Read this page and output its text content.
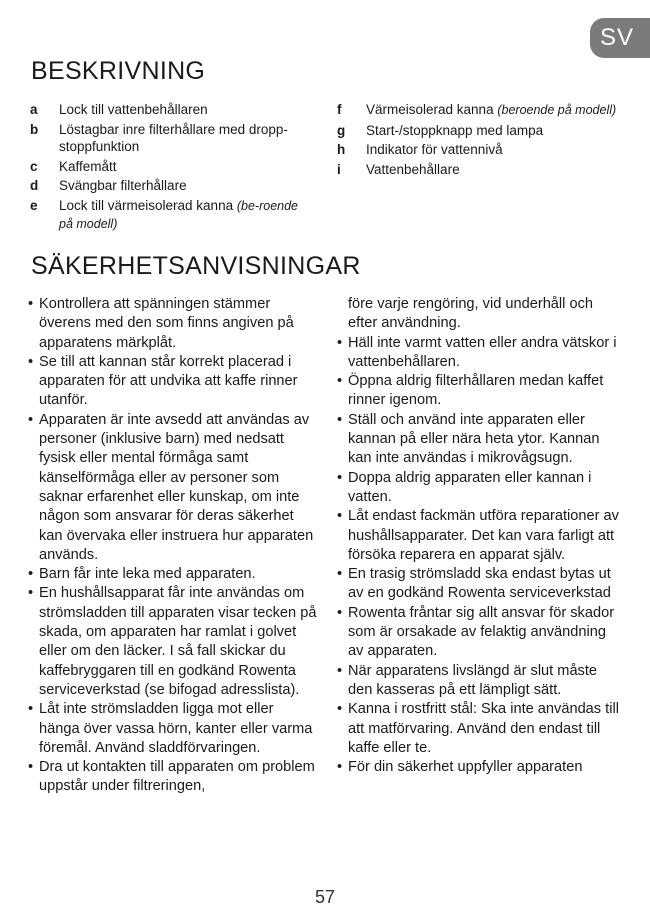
SV
BESKRIVNING
a	Lock till vattenbehållaren
b	Löstagbar inre filterhållare med dropp-stoppfunktion
c	Kaffemått
d	Svängbar filterhållare
e	Lock till värmeisolerad kanna (be-roende på modell)
f	Värmeisolerad kanna (beroende på modell)
g	Start-/stoppknapp med lampa
h	Indikator för vattennivå
i	Vattenbehållare
SÄKERHETSANVISNINGAR
• Kontrollera att spänningen stämmer överens med den som finns angiven på apparatens märkplåt.
• Se till att kannan står korrekt placerad i apparaten för att undvika att kaffe rinner utanför.
• Apparaten är inte avsedd att användas av personer (inklusive barn) med nedsatt fysisk eller mental förmåga samt känselförmåga eller av personer som saknar erfarenhet eller kunskap, om inte någon som ansvarar för deras säkerhet kan övervaka eller instruera hur apparaten används.
• Barn får inte leka med apparaten.
• En hushållsapparat får inte användas om strömsladden till apparaten visar tecken på skada, om apparaten har ramlat i golvet eller om den läcker. I så fall skickar du kaffebryggaren till en godkänd Rowenta serviceverkstad (se bifogad adresslista).
• Låt inte strömsladden ligga mot eller hänga över vassa hörn, kanter eller varma föremål. Använd sladdförvaringen.
• Dra ut kontakten till apparaten om problem uppstår under filtreringen,
före varje rengöring, vid underhåll och efter användning.
• Häll inte varmt vatten eller andra vätskor i vattenbehållaren.
• Öppna aldrig filterhållaren medan kaffet rinner igenom.
• Ställ och använd inte apparaten eller kannan på eller nära heta ytor. Kannan kan inte användas i mikrovågsugn.
• Doppa aldrig apparaten eller kannan i vatten.
• Låt endast fackmän utföra reparationer av hushållsapparater. Det kan vara farligt att försöka reparera en apparat själv.
• En trasig strömsladd ska endast bytas ut av en godkänd Rowenta serviceverkstad
• Rowenta fråntar sig allt ansvar för skador som är orsakade av felaktig användning av apparaten.
• När apparatens livslängd är slut måste den kasseras på ett lämpligt sätt.
• Kanna i rostfritt stål: Ska inte användas till att matförvaring. Använd den endast till kaffe eller te.
• För din säkerhet uppfyller apparaten
57
